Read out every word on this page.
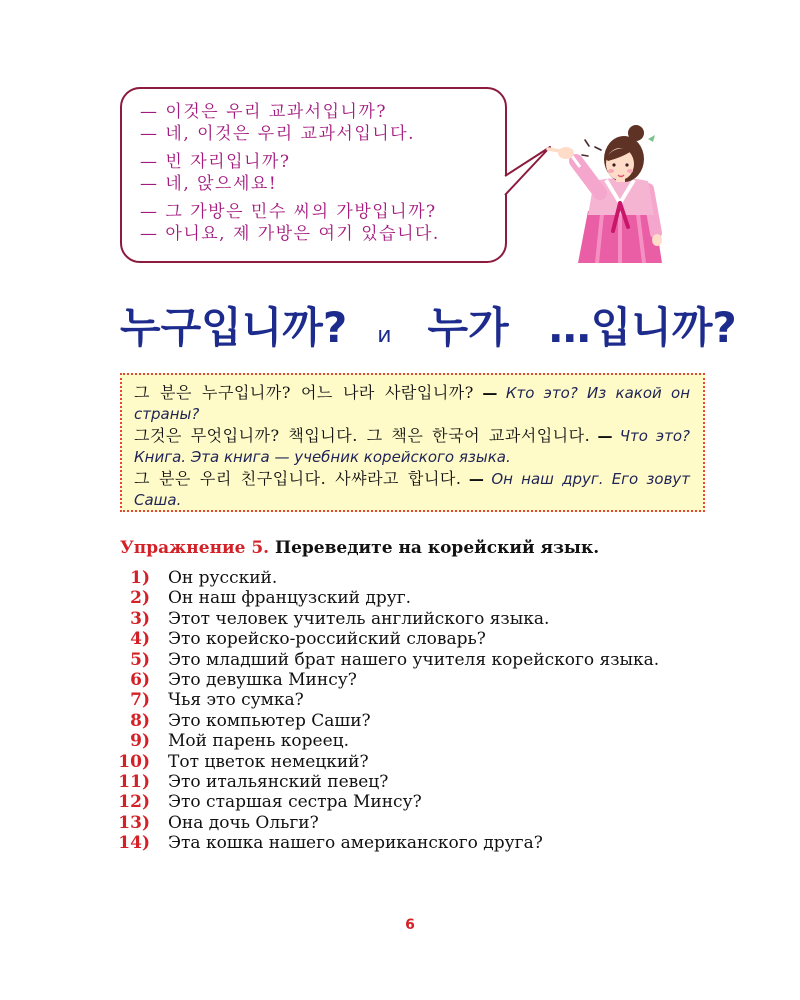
— 이것은 우리 교과서입니까?
— 네, 이것은 우리 교과서입니다.
— 빈 자리입니까?
— 네, 앉으세요!
— 그 가방은 민수 씨의 가방입니까?
— 아니요, 제 가방은 여기 있습니다.
누구입니까? и 누가 …입니까?

그 분은 누구입니까? 어느 나라 사람입니까? — Кто это? Из какой он страны?

그것은 무엇입니까? 책입니다. 그 책은 한국어 교과서입니다. — Что это? Книга. Эта книга — учебник корейского языка.

그 분은 우리 친구입니다. 사쌰라고 합니다. — Он наш друг. Его зовут Саша.

Упражнение 5. Переведите на корейский язык.
1) Он русский.
2) Он наш французский друг.
3) Этот человек учитель английского языка.
4) Это корейско-российский словарь?
5) Это младший брат нашего учителя корейского языка.
6) Это девушка Минсу?
7) Чья это сумка?
8) Это компьютер Саши?
9) Мой парень кореец.
10) Тот цветок немецкий?
11) Это итальянский певец?
12) Это старшая сестра Минсу?
13) Она дочь Ольги?
14) Эта кошка нашего американского друга?
6
